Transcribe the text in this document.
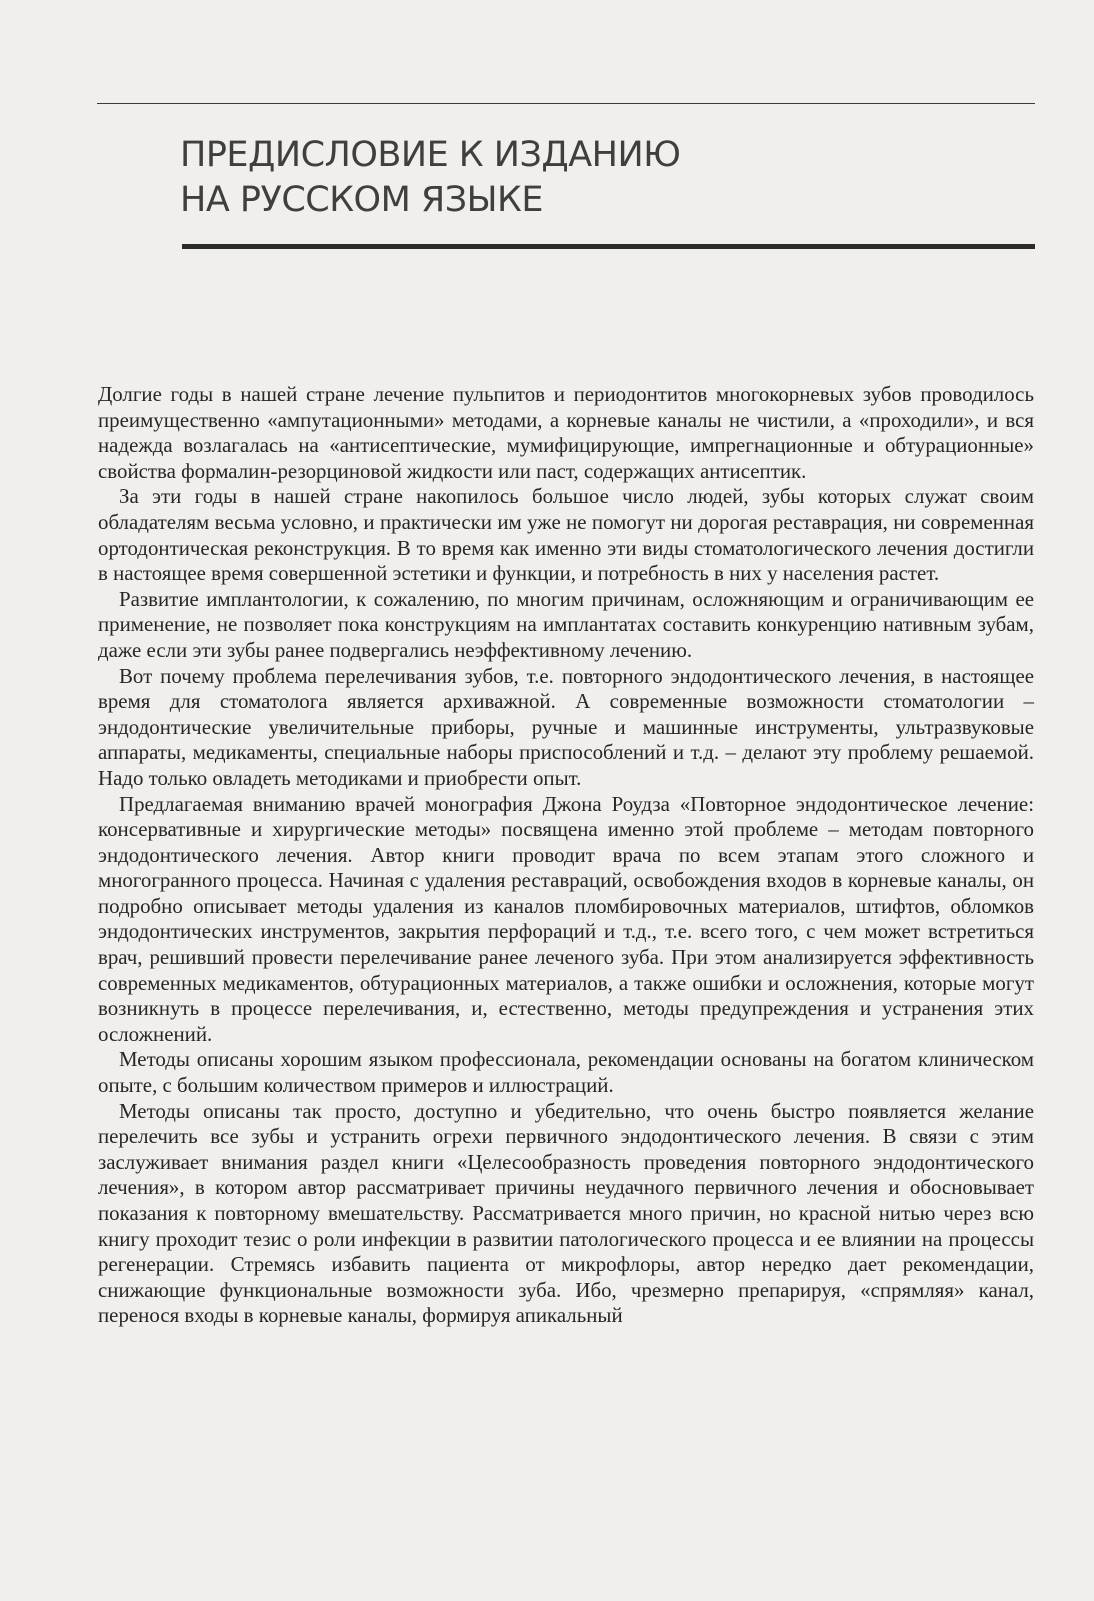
ПРЕДИСЛОВИЕ К ИЗДАНИЮ
НА РУССКОМ ЯЗЫКЕ

Долгие годы в нашей стране лечение пульпитов и периодонтитов многокорневых зубов проводилось преимущественно «ампутационными» методами, а корневые каналы не чистили, а «проходили», и вся надежда возлагалась на «антисептические, мумифицирующие, импрегнационные и обтурационные» свойства формалин-резорциновой жидкости или паст, содержащих антисептик.

За эти годы в нашей стране накопилось большое число людей, зубы которых служат своим обладателям весьма условно, и практически им уже не помогут ни дорогая реставрация, ни современная ортодонтическая реконструкция. В то время как именно эти виды стоматологического лечения достигли в настоящее время совершенной эстетики и функции, и потребность в них у населения растет.

Развитие имплантологии, к сожалению, по многим причинам, осложняющим и ограничивающим ее применение, не позволяет пока конструкциям на имплантатах составить конкуренцию нативным зубам, даже если эти зубы ранее подвергались неэффективному лечению.

Вот почему проблема перелечивания зубов, т.е. повторного эндодонтического лечения, в настоящее время для стоматолога является архиважной. А современные возможности стоматологии – эндодонтические увеличительные приборы, ручные и машинные инструменты, ультразвуковые аппараты, медикаменты, специальные наборы приспособлений и т.д. – делают эту проблему решаемой. Надо только овладеть методиками и приобрести опыт.

Предлагаемая вниманию врачей монография Джона Роудза «Повторное эндодонтическое лечение: консервативные и хирургические методы» посвящена именно этой проблеме – методам повторного эндодонтического лечения. Автор книги проводит врача по всем этапам этого сложного и многогранного процесса. Начиная с удаления реставраций, освобождения входов в корневые каналы, он подробно описывает методы удаления из каналов пломбировочных материалов, штифтов, обломков эндодонтических инструментов, закрытия перфораций и т.д., т.е. всего того, с чем может встретиться врач, решивший провести перелечивание ранее леченого зуба. При этом анализируется эффективность современных медикаментов, обтурационных материалов, а также ошибки и осложнения, которые могут возникнуть в процессе перелечивания, и, естественно, методы предупреждения и устранения этих осложнений.

Методы описаны хорошим языком профессионала, рекомендации основаны на богатом клиническом опыте, с большим количеством примеров и иллюстраций.

Методы описаны так просто, доступно и убедительно, что очень быстро появляется желание перелечить все зубы и устранить огрехи первичного эндодонтического лечения. В связи с этим заслуживает внимания раздел книги «Целесообразность проведения повторного эндодонтического лечения», в котором автор рассматривает причины неудачного первичного лечения и обосновывает показания к повторному вмешательству. Рассматривается много причин, но красной нитью через всю книгу проходит тезис о роли инфекции в развитии патологического процесса и ее влиянии на процессы регенерации. Стремясь избавить пациента от микрофлоры, автор нередко дает рекомендации, снижающие функциональные возможности зуба. Ибо, чрезмерно препарируя, «спрямляя» канал, перенося входы в корневые каналы, формируя апикальный
